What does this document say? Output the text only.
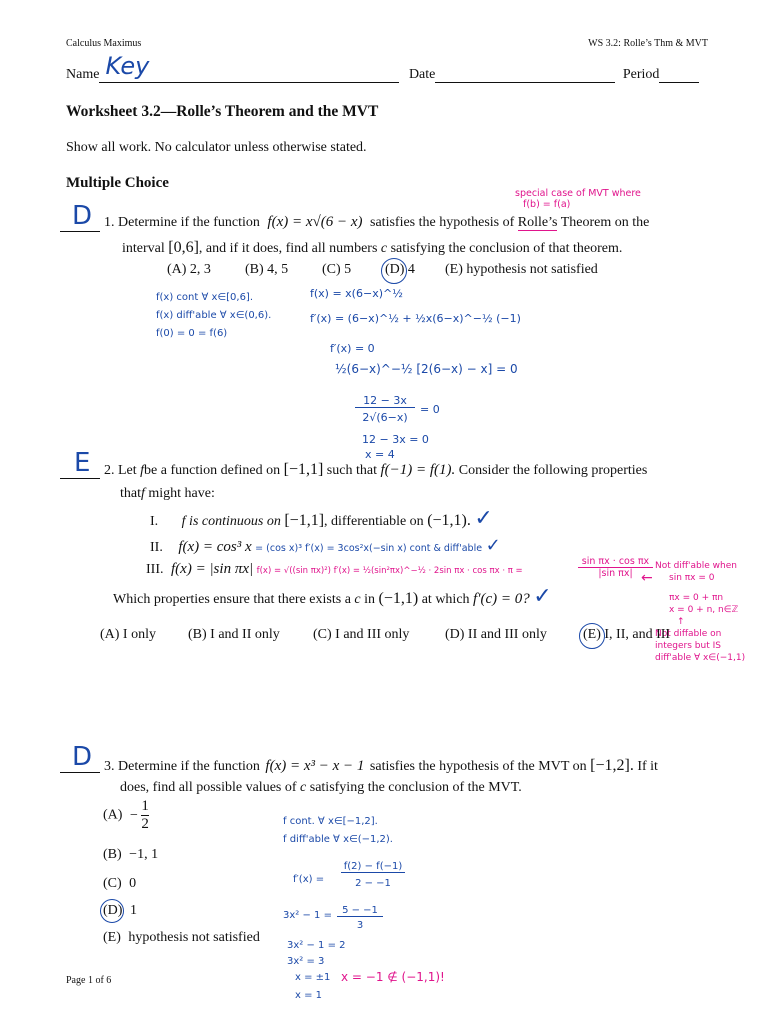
Calculus Maximus	WS 3.2: Rolle’s Thm & MVT
Name Key	Date	Period
Worksheet 3.2—Rolle’s Theorem and the MVT
Show all work. No calculator unless otherwise stated.
Multiple Choice
special case of MVT where
f(b) = f(a)
D 1. Determine if the function f(x) = x√(6 − x) satisfies the hypothesis of Rolle’s Theorem on the
interval [0,6], and if it does, find all numbers c satisfying the conclusion of that theorem.
(A) 2, 3 (B) 4, 5 (C) 5 (D) 4 (E) hypothesis not satisfied
f(x) cont ∀ x∈[0,6].
f(x) diff'able ∀ x∈(0,6).
f(0) = 0 = f(6)
f(x) = x(6−x)^½
f′(x) = (6−x)^½ + ½x(6−x)^−½ (−1)
f′(x) = 0
½(6−x)^−½ [2(6−x) − x] = 0
12 − 3x
2√(6−x)
= 0
12 − 3x = 0
x = 4
E 2. Let fbe a function defined on [−1,1] such that f(−1) = f(1). Consider the following properties
thatf might have:
I. f is continuous on [−1,1], differentiable on (−1,1). ✓
II. f(x) = cos³ x = (cos x)³ f′(x) = 3cos²x(−sin x) cont & diff'able ✓
III. f(x) = |sin πx| f(x) = √((sin πx)²) f′(x) = ½(sin²πx)^−½ · 2sin πx · cos πx · π =	$\frac{\text{sin πx · cos πx}}{\text{|sin πx|}}$
←
Not diff'able when
sin πx = 0
πx = 0 + πn
x = 0 + n, n∈ℤ
↑
Not diffable on
integers but IS
diff'able ∀ x∈(−1,1)
Which properties ensure that there exists a c in (−1,1) at which f′(c) = 0? ✓
(A) I only (B) I and II only (C) I and III only	(D) II and III only	(E) I, II, and III
D 3. Determine if the function f(x) = x³ − x − 1 satisfies the hypothesis of the MVT on [−1,2]. If it
does, find all possible values of c satisfying the conclusion of the MVT.
$(A) - \frac{1}{2}$
(B) −1, 1
(C) 0
(D) 1
(E) hypothesis not satisfied
f cont. ∀ x∈[−1,2].
f diff'able ∀ x∈(−1,2).
f′(x) =
f(2) − f(−1)
2 − −1
3x² − 1 =	5 − −1
3
3x² − 1 = 2
3x² = 3
x = ±1 x = −1 ∉ (−1,1)!
x = 1
Page 1 of 6
